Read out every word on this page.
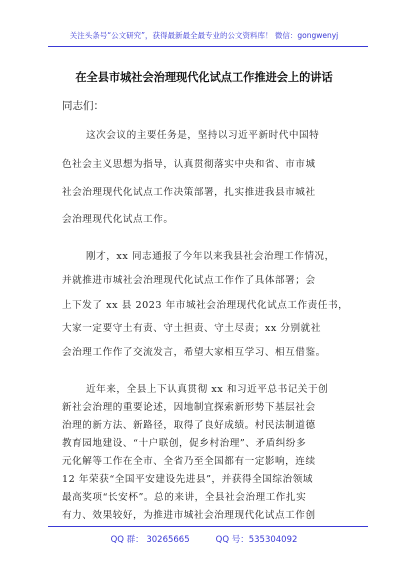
关注头条号“公文研究”，获得最新最全最专业的公文资料库！ 微信：gongwenyj
在全县市城社会治理现代化试点工作推进会上的讲话
同志们：
这次会议的主要任务是，坚持以习近平新时代中国特
色社会主义思想为指导，认真贯彻落实中央和省、市市城
社会治理现代化试点工作决策部署，扎实推进我县市城社
会治理现代化试点工作。
刚才，xx 同志通报了今年以来我县社会治理工作情况，
并就推进市城社会治理现代化试点工作作了具体部署；会
上下发了 xx 县 2023 年市城社会治理现代化试点工作责任书，
大家一定要守土有责、守土担责、守土尽责；xx 分别就社
会治理工作作了交流发言，希望大家相互学习、相互借鉴。
近年来，全县上下认真贯彻 xx 和习近平总书记关于创
新社会治理的重要论述，因地制宜探索新形势下基层社会
治理的新方法、新路径，取得了良好成绩。村民法制道德
教育园地建设、“十户联创，促乡村治理”、矛盾纠纷多
元化解等工作在全市、全省乃至全国都有一定影响，连续
12 年荣获“全国平安建设先进县”，并获得全国综治领域
最高奖项“长安杯”。总的来讲，全县社会治理工作扎实
有力、效果较好，为推进市城社会治理现代化试点工作创
QQ 群： 30265665	QQ 号：535304092
